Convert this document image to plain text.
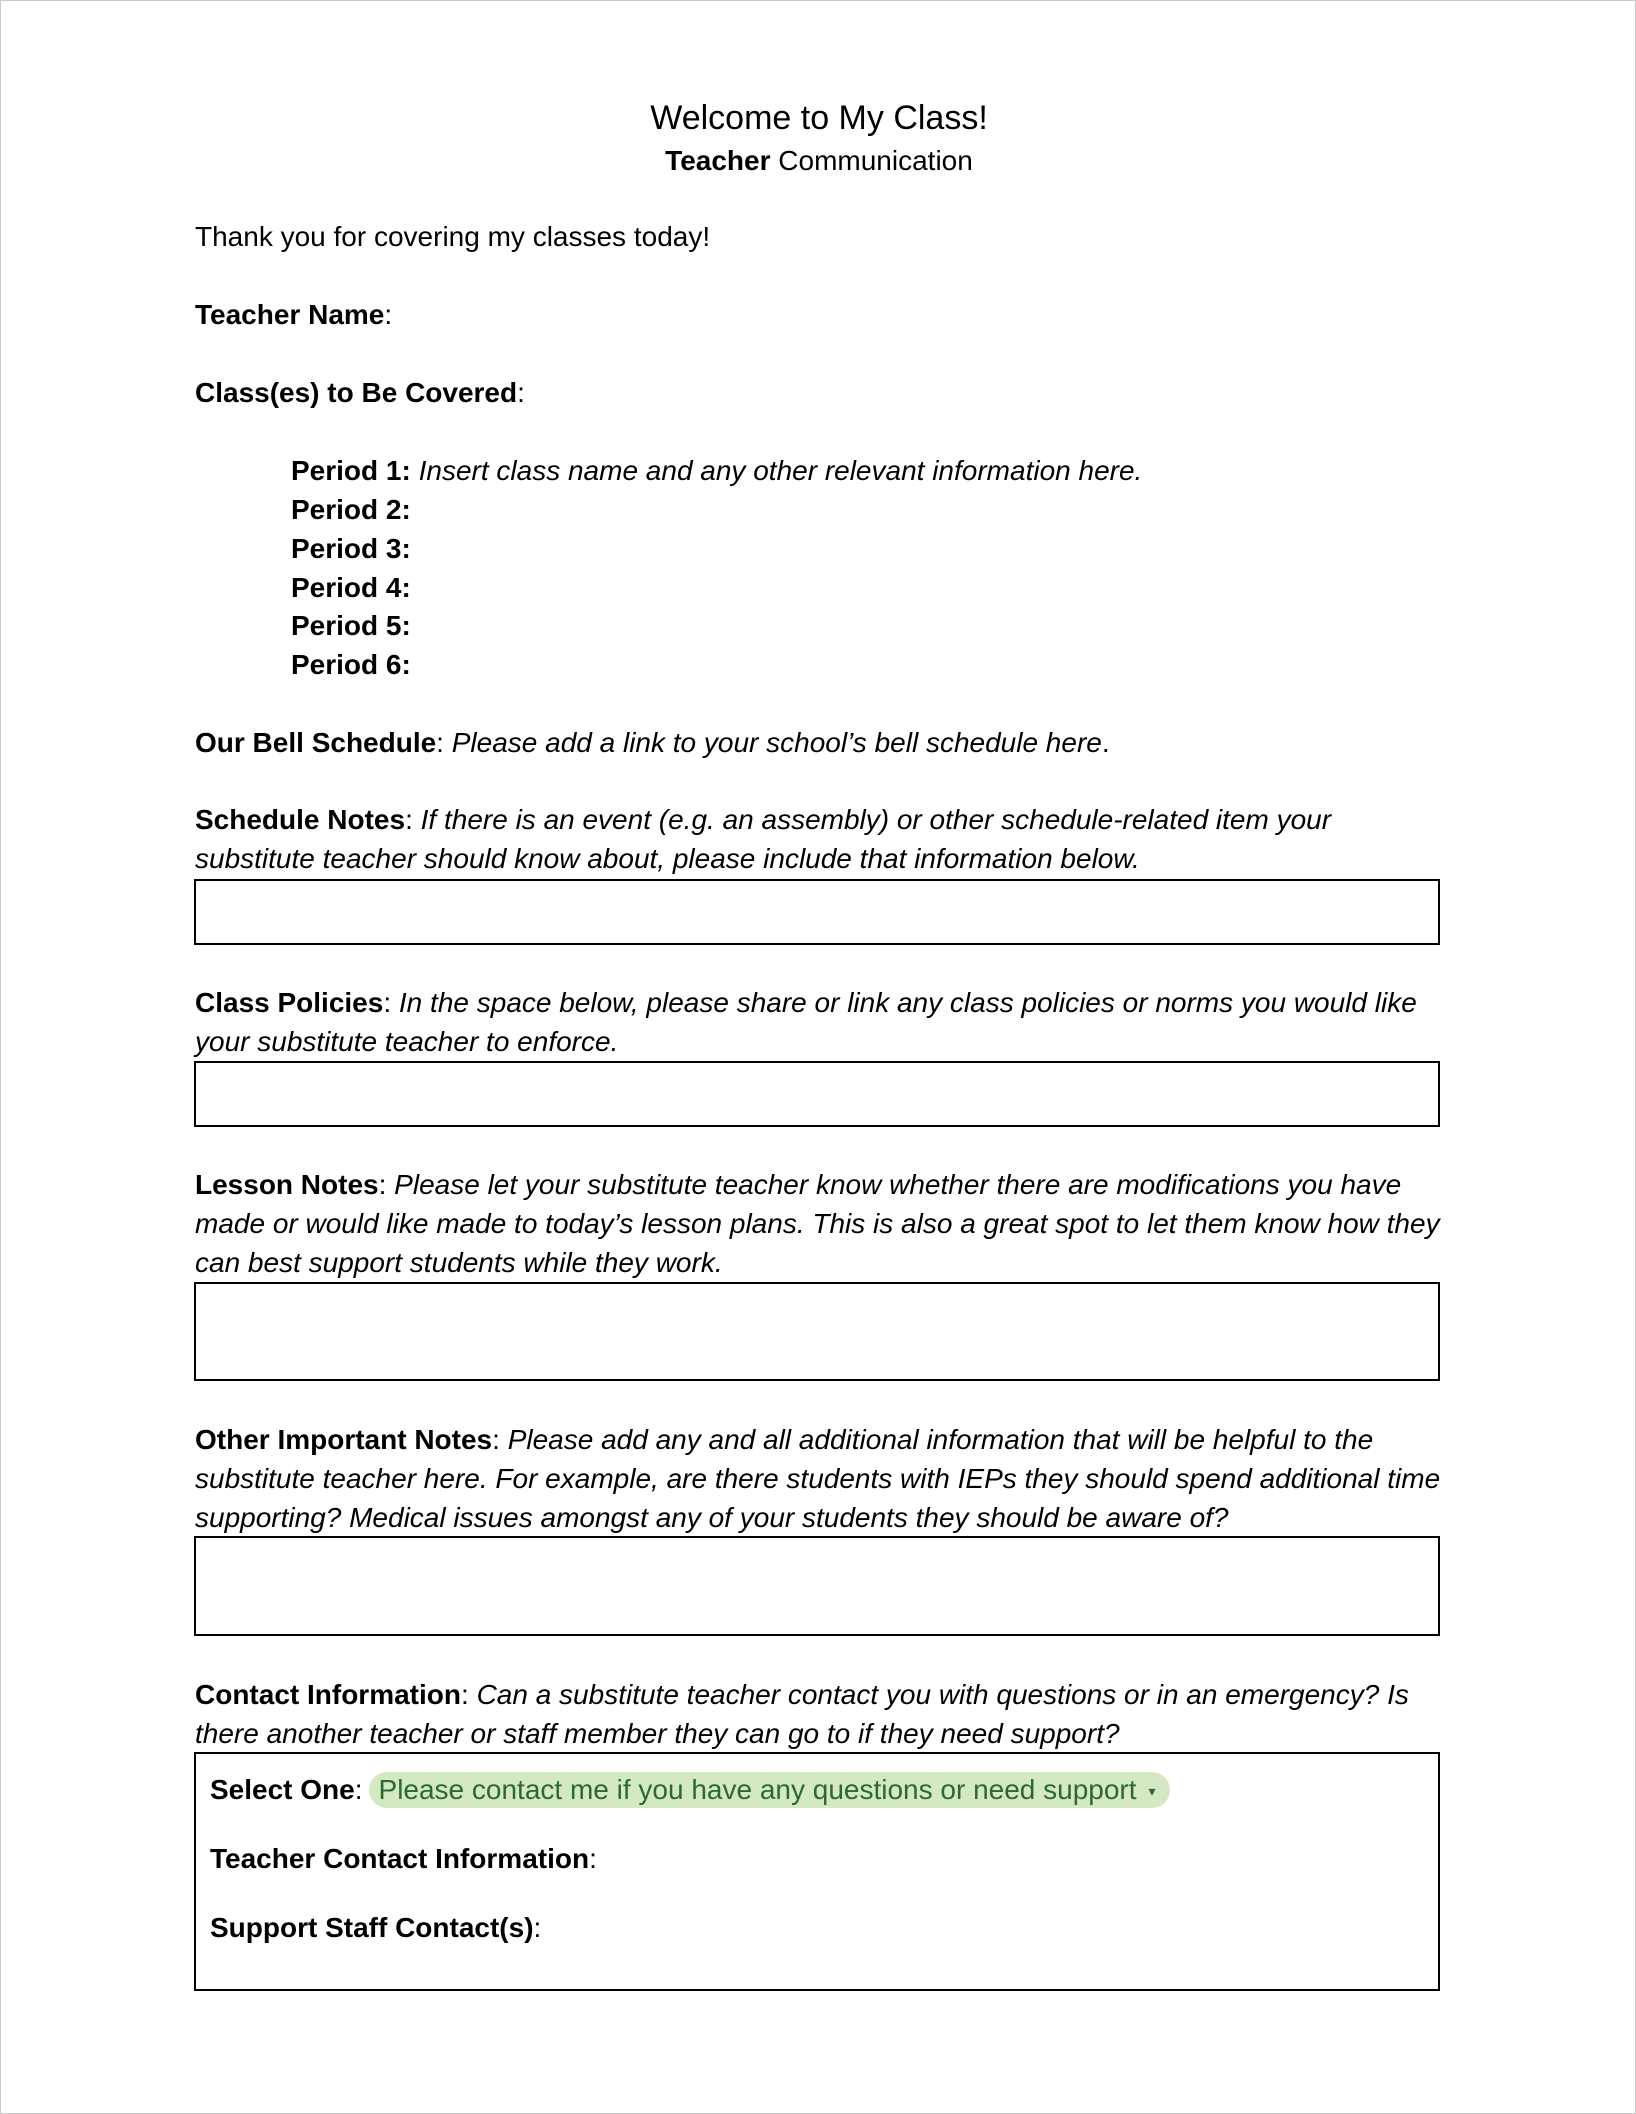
Welcome to My Class!
Teacher Communication

Thank you for covering my classes today!

Teacher Name:

Class(es) to Be Covered:

Period 1: Insert class name and any other relevant information here.
Period 2:
Period 3:
Period 4:
Period 5:
Period 6:

Our Bell Schedule: Please add a link to your school’s bell schedule here.

Schedule Notes: If there is an event (e.g. an assembly) or other schedule-related item your substitute teacher should know about, please include that information below.

Class Policies: In the space below, please share or link any class policies or norms you would like your substitute teacher to enforce.

Lesson Notes: Please let your substitute teacher know whether there are modifications you have made or would like made to today’s lesson plans. This is also a great spot to let them know how they can best support students while they work.

Other Important Notes: Please add any and all additional information that will be helpful to the substitute teacher here. For example, are there students with IEPs they should spend additional time supporting? Medical issues amongst any of your students they should be aware of?

Contact Information: Can a substitute teacher contact you with questions or in an emergency? Is there another teacher or staff member they can go to if they need support?

Select One: Please contact me if you have any questions or need support ▾
Teacher Contact Information:
Support Staff Contact(s):
